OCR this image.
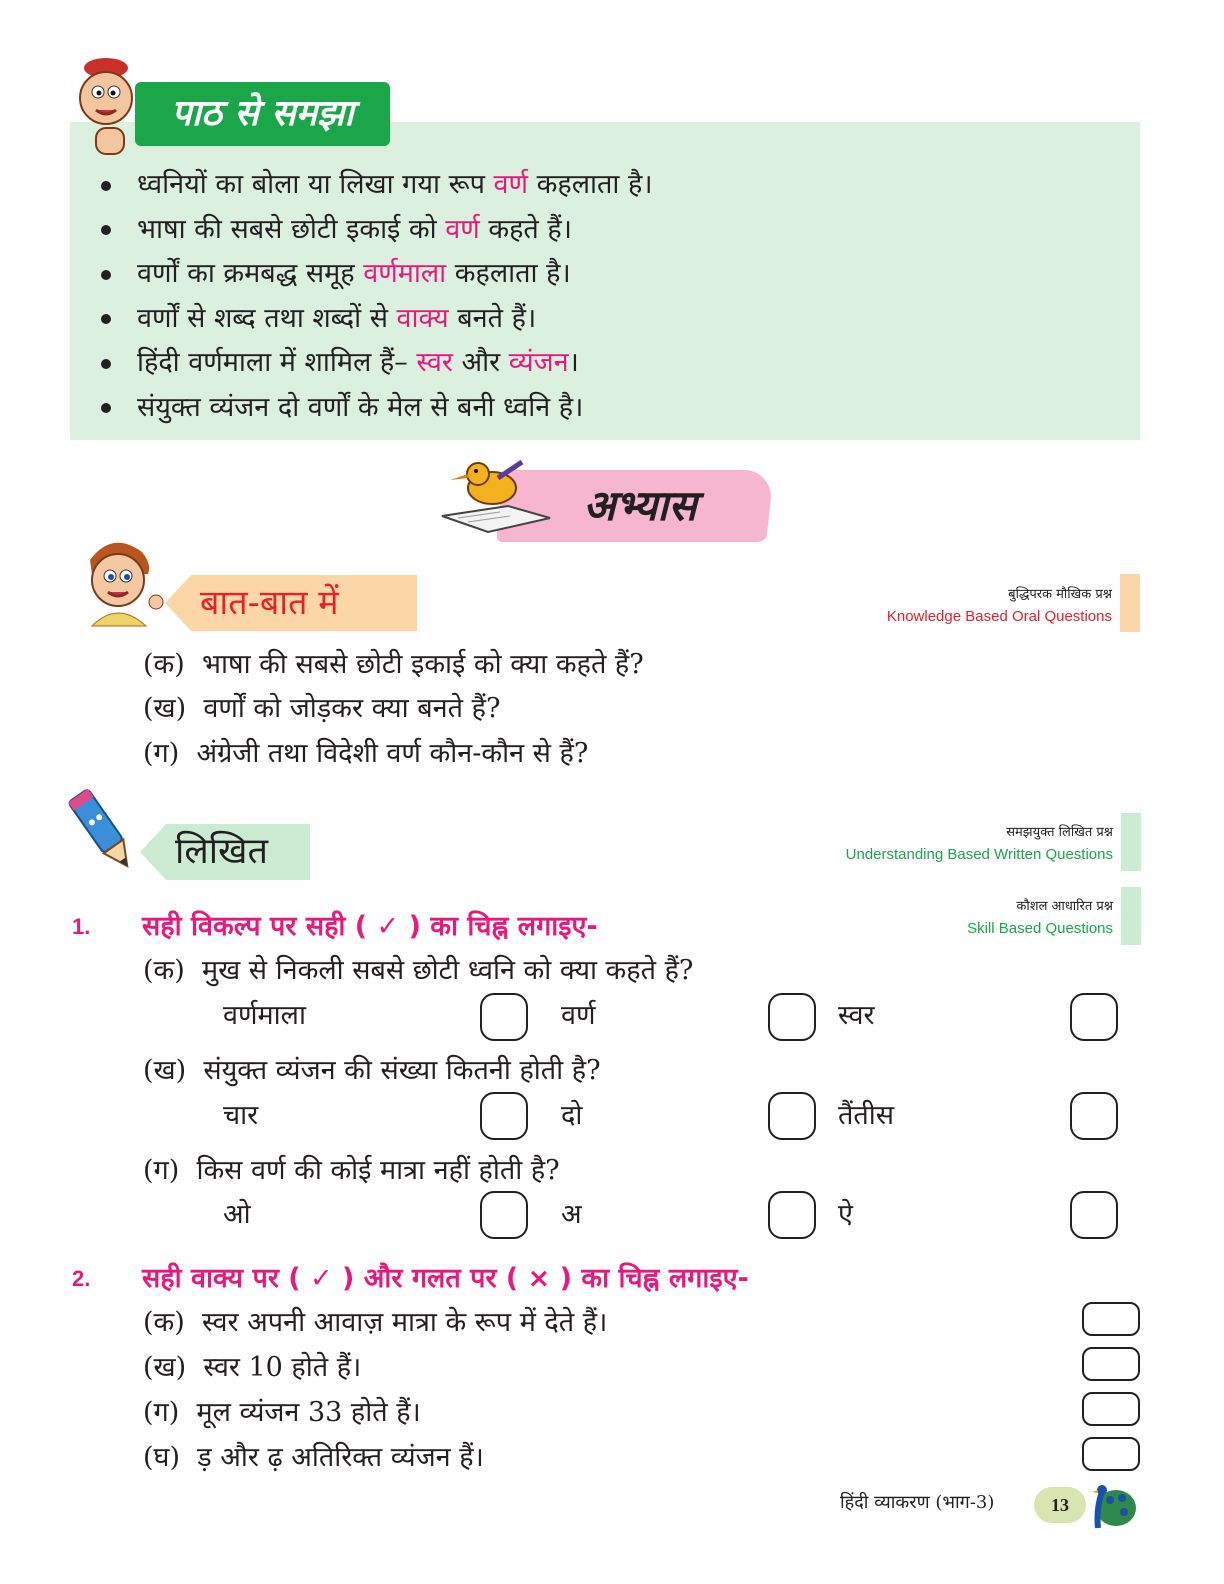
पाठ से समझा
ध्वनियों का बोला या लिखा गया रूप वर्ण कहलाता है।
भाषा की सबसे छोटी इकाई को वर्ण कहते हैं।
वर्णों का क्रमबद्ध समूह वर्णमाला कहलाता है।
वर्णों से शब्द तथा शब्दों से वाक्य बनते हैं।
हिंदी वर्णमाला में शामिल हैं– स्वर और व्यंजन।
संयुक्त व्यंजन दो वर्णों के मेल से बनी ध्वनि है।
अभ्यास
बात-बात में	बुद्धिपरक मौखिक प्रश्न
Knowledge Based Oral Questions
(क) भाषा की सबसे छोटी इकाई को क्या कहते हैं?
(ख) वर्णों को जोड़कर क्या बनते हैं?
(ग) अंग्रेजी तथा विदेशी वर्ण कौन-कौन से हैं?
लिखित	समझयुक्त लिखित प्रश्न
Understanding Based Written Questions
कौशल आधारित प्रश्न
Skill Based Questions
1. सही विकल्प पर सही ( ✓ ) का चिह्न लगाइए-
(क) मुख से निकली सबसे छोटी ध्वनि को क्या कहते हैं?
वर्णमाला	वर्ण	स्वर
(ख) संयुक्त व्यंजन की संख्या कितनी होती है?
चार	दो	तैंतीस
(ग) किस वर्ण की कोई मात्रा नहीं होती है?
ओ	अ	ऐ
2. सही वाक्य पर ( ✓ ) और गलत पर ( × ) का चिह्न लगाइए-
(क) स्वर अपनी आवाज़ मात्रा के रूप में देते हैं।
(ख) स्वर 10 होते हैं।
(ग) मूल व्यंजन 33 होते हैं।
(घ) ड़ और ढ़ अतिरिक्त व्यंजन हैं।
हिंदी व्याकरण (भाग-3)	13
